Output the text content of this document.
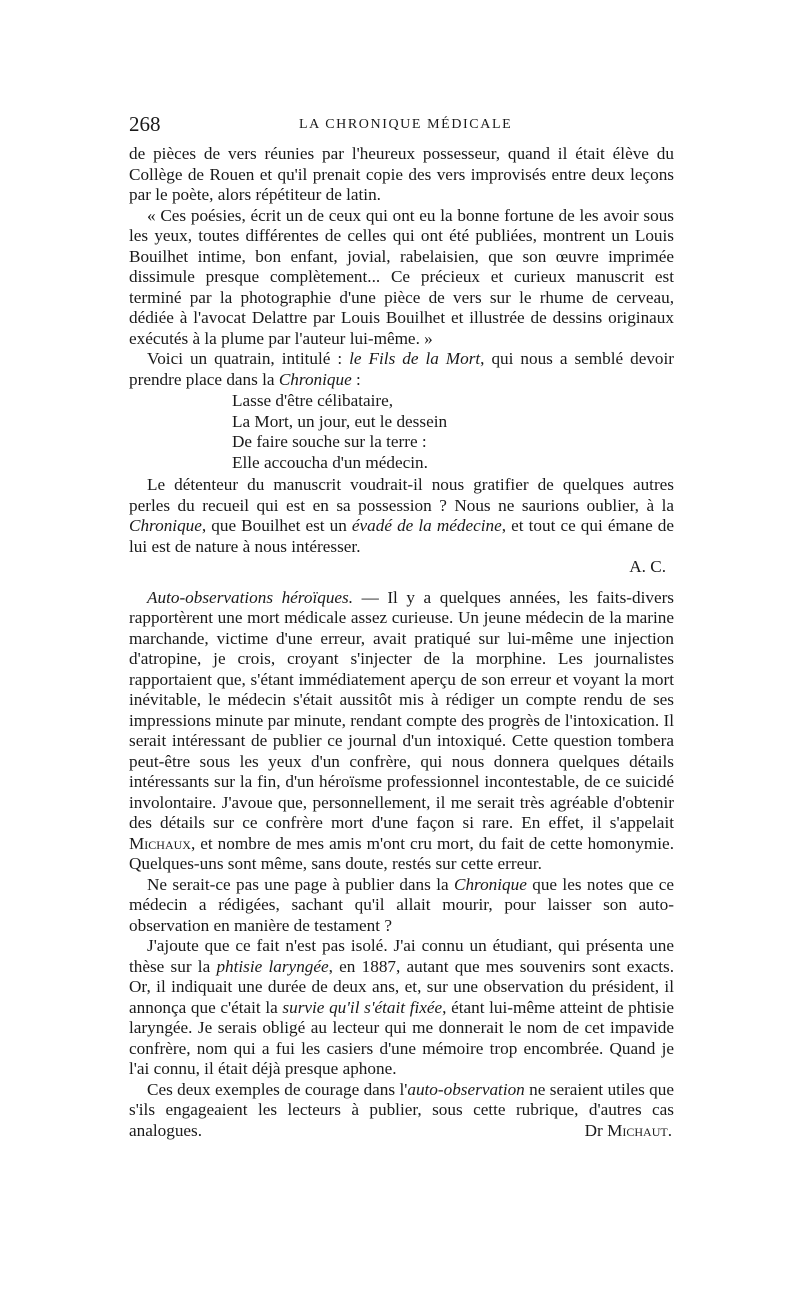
268	LA CHRONIQUE MÉDICALE

de pièces de vers réunies par l'heureux possesseur, quand il était élève du Collège de Rouen et qu'il prenait copie des vers improvisés entre deux leçons par le poète, alors répétiteur de latin.

« Ces poésies, écrit un de ceux qui ont eu la bonne fortune de les avoir sous les yeux, toutes différentes de celles qui ont été publiées, montrent un Louis Bouilhet intime, bon enfant, jovial, rabelaisien, que son œuvre imprimée dissimule presque complètement... Ce précieux et curieux manuscrit est terminé par la photographie d'une pièce de vers sur le rhume de cerveau, dédiée à l'avocat Delattre par Louis Bouilhet et illustrée de dessins originaux exécutés à la plume par l'auteur lui-même. »

Voici un quatrain, intitulé : le Fils de la Mort, qui nous a semblé devoir prendre place dans la Chronique :

Lasse d'être célibataire,
La Mort, un jour, eut le dessein
De faire souche sur la terre :
Elle accoucha d'un médecin.

Le détenteur du manuscrit voudrait-il nous gratifier de quelques autres perles du recueil qui est en sa possession ? Nous ne saurions oublier, à la Chronique, que Bouilhet est un évadé de la médecine, et tout ce qui émane de lui est de nature à nous intéresser.

A. C.

Auto-observations héroïques. — Il y a quelques années, les faits-divers rapportèrent une mort médicale assez curieuse. Un jeune médecin de la marine marchande, victime d'une erreur, avait pratiqué sur lui-même une injection d'atropine, je crois, croyant s'injecter de la morphine. Les journalistes rapportaient que, s'étant immédiatement aperçu de son erreur et voyant la mort inévitable, le médecin s'était aussitôt mis à rédiger un compte rendu de ses impressions minute par minute, rendant compte des progrès de l'intoxication. Il serait intéressant de publier ce journal d'un intoxiqué. Cette question tombera peut-être sous les yeux d'un confrère, qui nous donnera quelques détails intéressants sur la fin, d'un héroïsme professionnel incontestable, de ce suicidé involontaire. J'avoue que, personnellement, il me serait très agréable d'obtenir des détails sur ce confrère mort d'une façon si rare. En effet, il s'appelait Michaux, et nombre de mes amis m'ont cru mort, du fait de cette homonymie. Quelques-uns sont même, sans doute, restés sur cette erreur.

Ne serait-ce pas une page à publier dans la Chronique que les notes que ce médecin a rédigées, sachant qu'il allait mourir, pour laisser son auto-observation en manière de testament ?

J'ajoute que ce fait n'est pas isolé. J'ai connu un étudiant, qui présenta une thèse sur la phtisie laryngée, en 1887, autant que mes souvenirs sont exacts. Or, il indiquait une durée de deux ans, et, sur une observation du président, il annonça que c'était la survie qu'il s'était fixée, étant lui-même atteint de phtisie laryngée. Je serais obligé au lecteur qui me donnerait le nom de cet impavide confrère, nom qui a fui les casiers d'une mémoire trop encombrée. Quand je l'ai connu, il était déjà presque aphone.

Ces deux exemples de courage dans l'auto-observation ne seraient utiles que s'ils engageaient les lecteurs à publier, sous cette rubrique, d'autres cas analogues.	Dr Michaut.
